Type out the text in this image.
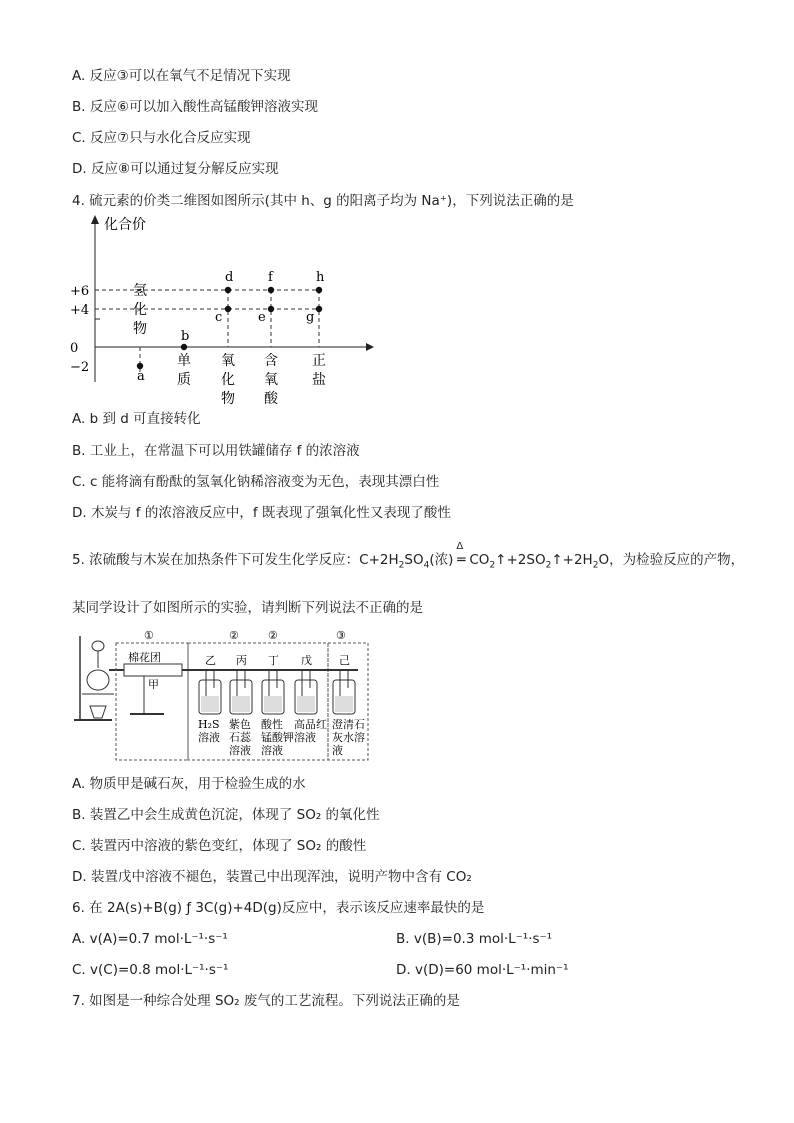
A. 反应③可以在氧气不足情况下实现
B. 反应⑥可以加入酸性高锰酸钾溶液实现
C. 反应⑦只与水化合反应实现
D. 反应⑧可以通过复分解反应实现
4. 硫元素的价类二维图如图所示(其中 h、g 的阳离子均为 Na⁺)，下列说法正确的是
化合价
+6
+4
0
−2
氢
化
物
单
质
氧
化
物
含
氧
酸
正
盐
a
b
c
d
e
f
g
h
A. b 到 d 可直接转化
B. 工业上，在常温下可以用铁罐储存 f 的浓溶液
C. c 能将滴有酚酞的氢氧化钠稀溶液变为无色，表现其漂白性
D. 木炭与 f 的浓溶液反应中，f 既表现了强氧化性又表现了酸性
5. 浓硫酸与木炭在加热条件下可发生化学反应：$C+2H_2SO_4$(浓)
Δ
═ $CO_2↑+2SO_2↑+2H_2O$，为检验反应的产物，
某同学设计了如图所示的实验，请判断下列说法不正确的是
棉花团
甲
①	②	②	③
乙
H₂S
溶液
丙
紫色
石蕊
溶液
丁
酸性
锰酸钾
溶液
戊
高品红
溶液
己
澄清石
灰水溶
液
A. 物质甲是碱石灰，用于检验生成的水
B. 装置乙中会生成黄色沉淀，体现了 SO₂ 的氧化性
C. 装置丙中溶液的紫色变红，体现了 SO₂ 的酸性
D. 装置戊中溶液不褪色，装置己中出现浑浊，说明产物中含有 CO₂
6. 在 2A(s)+B(g) ƒ 3C(g)+4D(g)反应中，表示该反应速率最快的是
A. v(A)=0.7 mol·L⁻¹·s⁻¹	B. v(B)=0.3 mol·L⁻¹·s⁻¹
C. v(C)=0.8 mol·L⁻¹·s⁻¹	D. v(D)=60 mol·L⁻¹·min⁻¹
7. 如图是一种综合处理 SO₂ 废气的工艺流程。下列说法正确的是
